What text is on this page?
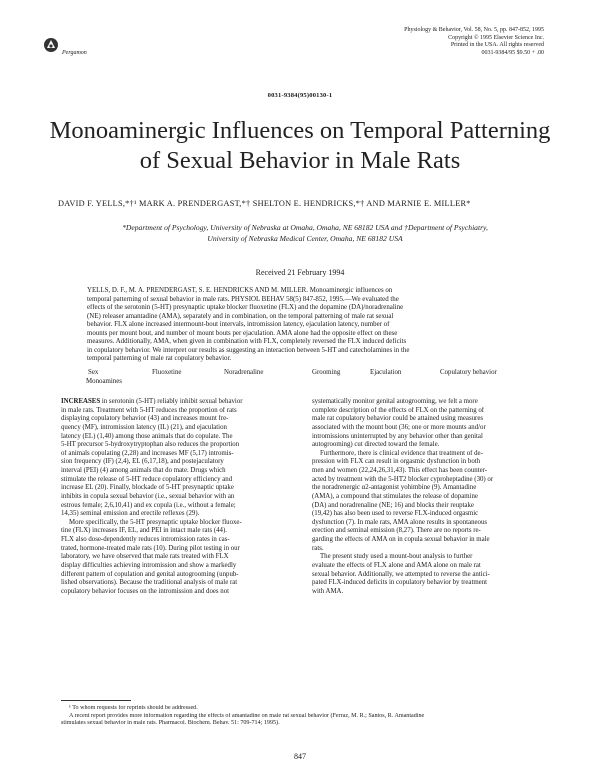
Pergamon
Physiology & Behavior, Vol. 58, No. 5, pp. 847-852, 1995
Copyright © 1995 Elsevier Science Inc.
Printed in the USA. All rights reserved
0031-9384/95 $9.50 + .00
0031-9384(95)00130-1
Monoaminergic Influences on Temporal Patterning
of Sexual Behavior in Male Rats
DAVID F. YELLS,*†¹ MARK A. PRENDERGAST,*† SHELTON E. HENDRICKS,*† AND MARNIE E. MILLER*
*Department of Psychology, University of Nebraska at Omaha, Omaha, NE 68182 USA and †Department of Psychiatry,
University of Nebraska Medical Center, Omaha, NE 68182 USA
Received 21 February 1994
YELLS, D. F., M. A. PRENDERGAST, S. E. HENDRICKS AND M. MILLER. Monoaminergic influences on
temporal patterning of sexual behavior in male rats. PHYSIOL BEHAV 58(5) 847-852, 1995.—We evaluated the
effects of the serotonin (5-HT) presynaptic uptake blocker fluoxetine (FLX) and the dopamine (DA)/noradrenaline
(NE) releaser amantadine (AMA), separately and in combination, on the temporal patterning of male rat sexual
behavior. FLX alone increased intermount-bout intervals, intromission latency, ejaculation latency, number of
mounts per mount bout, and number of mount bouts per ejaculation. AMA alone had the opposite effect on these
measures. Additionally, AMA, when given in combination with FLX, completely reversed the FLX induced deficits
in copulatory behavior. We interpret our results as suggesting an interaction between 5-HT and catecholamines in the
temporal patterning of male rat copulatory behavior.
Sex	Fluoxetine	Noradrenaline	Grooming	Ejaculation	Copulatory behavior
Monoamines
INCREASES in serotonin (5-HT) reliably inhibit sexual behavior
in male rats. Treatment with 5-HT reduces the proportion of rats
displaying copulatory behavior (43) and increases mount fre-
quency (MF), intromission latency (IL) (21), and ejaculation
latency (EL) (1,40) among those animals that do copulate. The
5-HT precursor 5-hydroxytryptophan also reduces the proportion
of animals copulating (2,28) and increases MF (5,17) intromis-
sion frequency (IF) (2,4), EL (6,17,18), and postejaculatory
interval (PEI) (4) among animals that do mate. Drugs which
stimulate the release of 5-HT reduce copulatory efficiency and
increase EL (20). Finally, blockade of 5-HT presynaptic uptake
inhibits in copula sexual behavior (i.e., sexual behavior with an
estrous female; 2,6,10,41) and ex copula (i.e., without a female;
14,35) seminal emission and erectile reflexes (29).
More specifically, the 5-HT presynaptic uptake blocker fluoxe-
tine (FLX) increases IF, EL, and PEI in intact male rats (44).
FLX also dose-dependently reduces intromission rates in cas-
trated, hormone-treated male rats (10). During pilot testing in our
laboratory, we have observed that male rats treated with FLX
display difficulties achieving intromission and show a markedly
different pattern of copulation and genital autogrooming (unpub-
lished observations). Because the traditional analysis of male rat
copulatory behavior focuses on the intromission and does not
systematically monitor genital autogrooming, we felt a more
complete description of the effects of FLX on the patterning of
male rat copulatory behavior could be attained using measures
associated with the mount bout (36; one or more mounts and/or
intromissions uninterrupted by any behavior other than genital
autogrooming) cut directed toward the female.
Furthermore, there is clinical evidence that treatment of de-
pression with FLX can result in orgasmic dysfunction in both
men and women (22,24,26,31,43). This effect has been counter-
acted by treatment with the 5-HT2 blocker cyproheptadine (30) or
the noradrenergic α2-antagonist yohimbine (9). Amantadine
(AMA), a compound that stimulates the release of dopamine
(DA) and noradrenaline (NE; 16) and blocks their reuptake
(19,42) has also been used to reverse FLX-induced orgasmic
dysfunction (7). In male rats, AMA alone results in spontaneous
erection and seminal emission (8,27). There are no reports re-
garding the effects of AMA on in copula sexual behavior in male
rats.
The present study used a mount-bout analysis to further
evaluate the effects of FLX alone and AMA alone on male rat
sexual behavior. Additionally, we attempted to reverse the antici-
pated FLX-induced deficits in copulatory behavior by treatment
with AMA.
¹ To whom requests for reprints should be addressed.
A recent report provides more information regarding the effects of amantadine on male rat sexual behavior (Ferraz, M. R.; Santos, R. Amantadine
stimulates sexual behavior in male rats. Pharmacol. Biochem. Behav. 51: 709-714; 1995).
847
